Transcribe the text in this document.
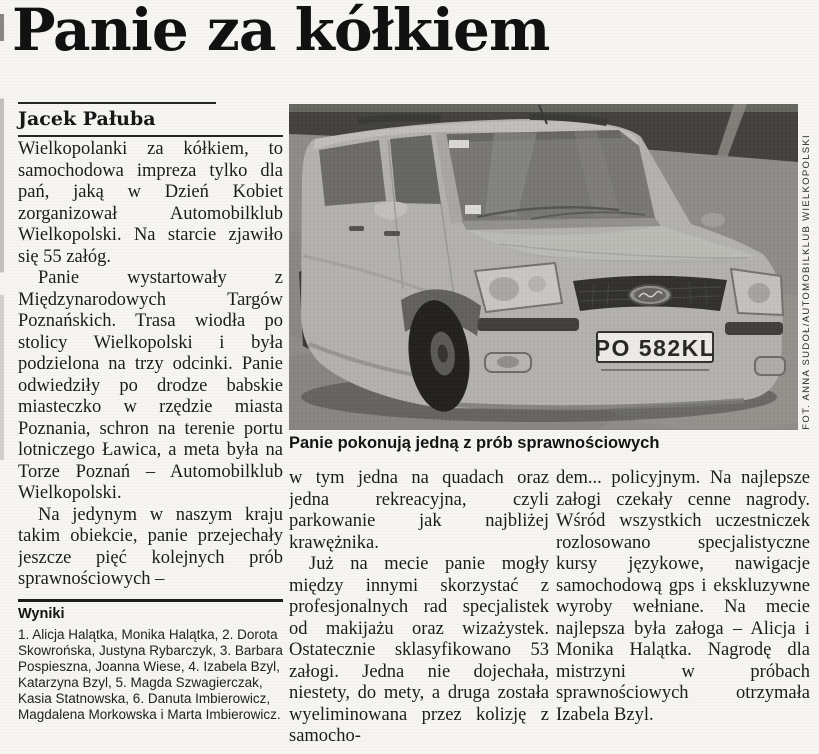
Panie za kółkiem
Jacek Pałuba

Wielkopolanki za kółkiem, to samochodowa impreza tylko dla pań, jaką w Dzień Kobiet zorganizował Automobilklub Wielkopolski. Na starcie zjawiło się 55 załóg.

Panie wystartowały z Międzynarodowych Targów Poznańskich. Trasa wiodła po stolicy Wielkopolski i była podzielona na trzy odcinki. Panie odwiedziły po drodze babskie miasteczko w rzędzie miasta Poznania, schron na terenie portu lotniczego Ławica, a meta była na Torze Poznań – Automobilklub Wielkopolski.

Na jedynym w naszym kraju takim obiekcie, panie przejechały jeszcze pięć kolejnych prób sprawnościowych –

Wyniki
1. Alicja Halątka, Monika Halątka, 2. Dorota Skowrońska, Justyna Rybarczyk, 3. Barbara Pospieszna, Joanna Wiese, 4. Izabela Bzyl, Katarzyna Bzyl, 5. Magda Szwagierczak, Kasia Statnowska, 6. Danuta Imbierowicz, Magdalena Morkowska i Marta Imbierowicz.
FOT. ANNA SUDOŁ/AUTOMOBILKLUB WIELKOPOLSKI
Panie pokonują jedną z prób sprawnościowych

w tym jedna na quadach oraz jedna rekreacyjna, czyli parkowanie jak najbliżej krawężnika.

Już na mecie panie mogły między innymi skorzystać z profesjonalnych rad specjalistek od makijażu oraz wizażystek. Ostatecznie sklasyfikowano 53 załogi. Jedna nie dojechała, niestety, do mety, a druga została wyeliminowana przez kolizję z samocho-

dem... policyjnym. Na najlepsze załogi czekały cenne nagrody. Wśród wszystkich uczestniczek rozlosowano specjalistyczne kursy językowe, nawigacje samochodową gps i ekskluzywne wyroby wełniane. Na mecie najlepsza była załoga – Alicja i Monika Halątka. Nagrodę dla mistrzyni w próbach sprawnościowych otrzymała Izabela Bzyl.
